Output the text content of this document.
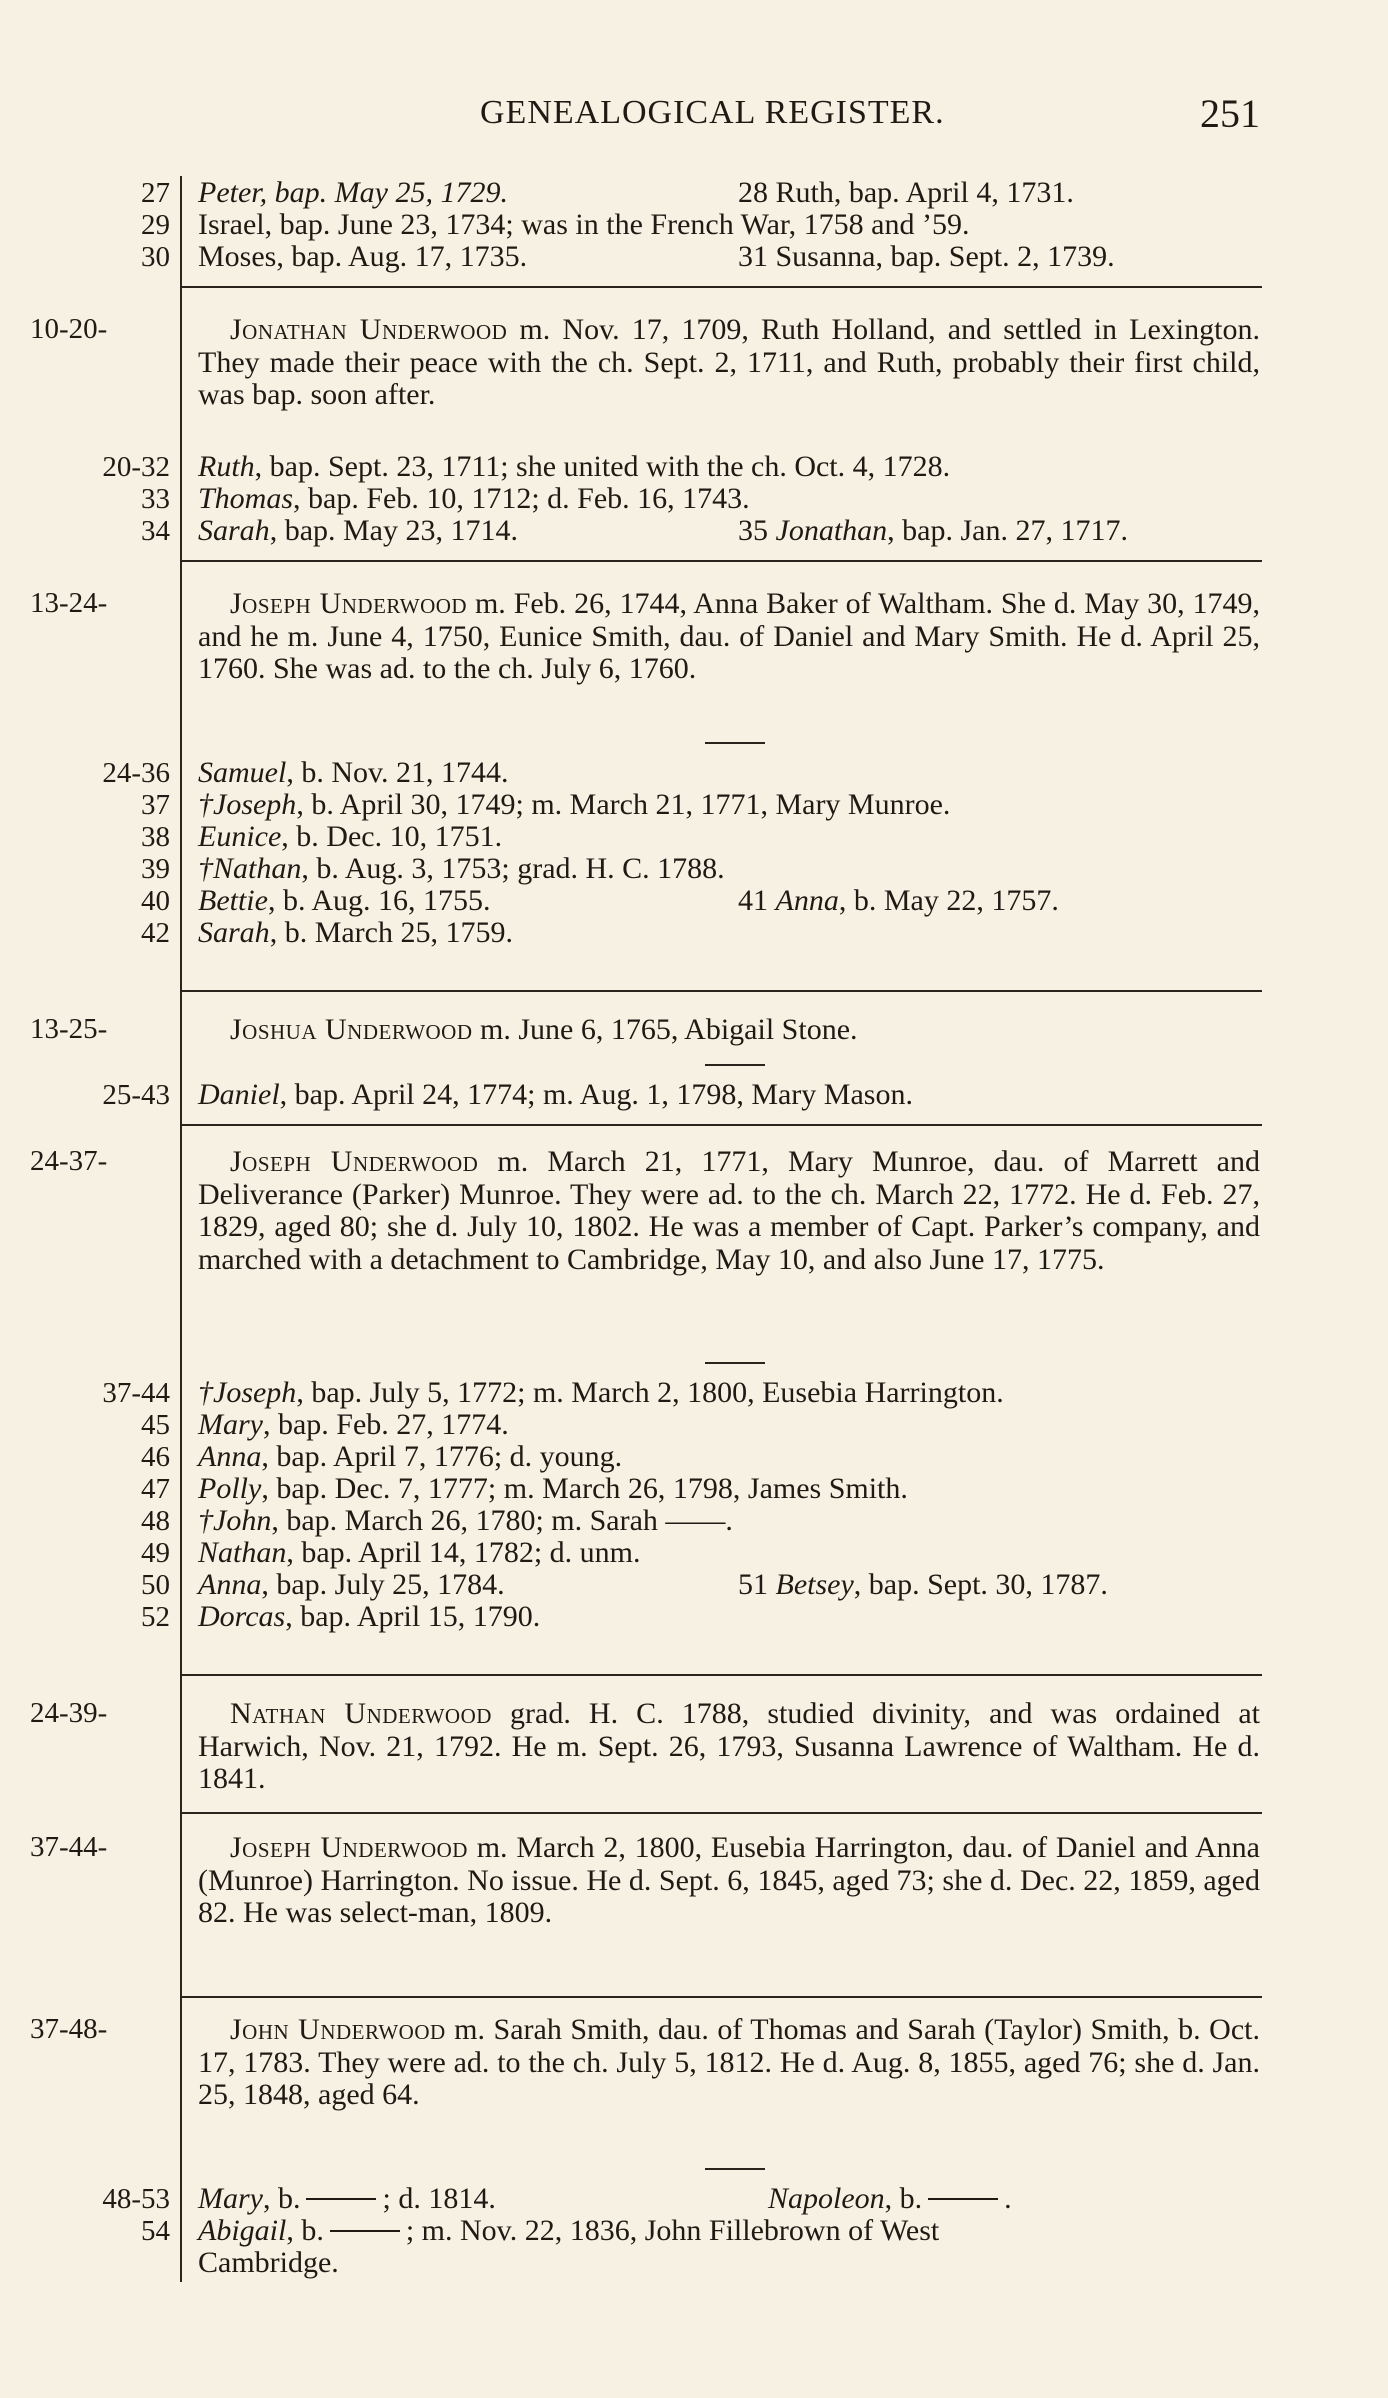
GENEALOGICAL REGISTER.	251
27 Peter, bap. May 25, 1729.	28 Ruth, bap. April 4, 1731.
29 Israel, bap. June 23, 1734; was in the French War, 1758 and ’59.
30 Moses, bap. Aug. 17, 1735.	31 Susanna, bap. Sept. 2, 1739.
10-20-	Jonathan Underwood m. Nov. 17, 1709, Ruth Holland, and settled in Lexington. They made their peace with the ch. Sept. 2, 1711, and Ruth, probably their first child, was bap. soon after.
20-32 Ruth, bap. Sept. 23, 1711; she united with the ch. Oct. 4, 1728.
33 Thomas, bap. Feb. 10, 1712; d. Feb. 16, 1743.
34 Sarah, bap. May 23, 1714.	35 Jonathan, bap. Jan. 27, 1717.
13-24-	Joseph Underwood m. Feb. 26, 1744, Anna Baker of Waltham. She d. May 30, 1749, and he m. June 4, 1750, Eunice Smith, dau. of Daniel and Mary Smith. He d. April 25, 1760. She was ad. to the ch. July 6, 1760.
24-36 Samuel, b. Nov. 21, 1744.
37 †Joseph, b. April 30, 1749; m. March 21, 1771, Mary Munroe.
38 Eunice, b. Dec. 10, 1751.
39 †Nathan, b. Aug. 3, 1753; grad. H. C. 1788.
40 Bettie, b. Aug. 16, 1755.	41 Anna, b. May 22, 1757.
42 Sarah, b. March 25, 1759.
13-25-	Joshua Underwood m. June 6, 1765, Abigail Stone.
25-43 Daniel, bap. April 24, 1774; m. Aug. 1, 1798, Mary Mason.
24-37-	Joseph Underwood m. March 21, 1771, Mary Munroe, dau. of Marrett and Deliverance (Parker) Munroe. They were ad. to the ch. March 22, 1772. He d. Feb. 27, 1829, aged 80; she d. July 10, 1802. He was a member of Capt. Parker’s company, and marched with a detachment to Cambridge, May 10, and also June 17, 1775.
37-44 †Joseph, bap. July 5, 1772; m. March 2, 1800, Eusebia Harrington.
45 Mary, bap. Feb. 27, 1774.
46 Anna, bap. April 7, 1776; d. young.
47 Polly, bap. Dec. 7, 1777; m. March 26, 1798, James Smith.
48 †John, bap. March 26, 1780; m. Sarah ——.
49 Nathan, bap. April 14, 1782; d. unm.
50 Anna, bap. July 25, 1784.	51 Betsey, bap. Sept. 30, 1787.
52 Dorcas, bap. April 15, 1790.
24-39-	Nathan Underwood grad. H. C. 1788, studied divinity, and was ordained at Harwich, Nov. 21, 1792. He m. Sept. 26, 1793, Susanna Lawrence of Waltham. He d. 1841.
37-44-	Joseph Underwood m. March 2, 1800, Eusebia Harrington, dau. of Daniel and Anna (Munroe) Harrington. No issue. He d. Sept. 6, 1845, aged 73; she d. Dec. 22, 1859, aged 82. He was select-man, 1809.
37-48-	John Underwood m. Sarah Smith, dau. of Thomas and Sarah (Taylor) Smith, b. Oct. 17, 1783. They were ad. to the ch. July 5, 1812. He d. Aug. 8, 1855, aged 76; she d. Jan. 25, 1848, aged 64.
48-53 Mary, b.	; d. 1814.	Napoleon, b.	.
54 Abigail, b.	; m. Nov. 22, 1836, John Fillebrown of West
Cambridge.
